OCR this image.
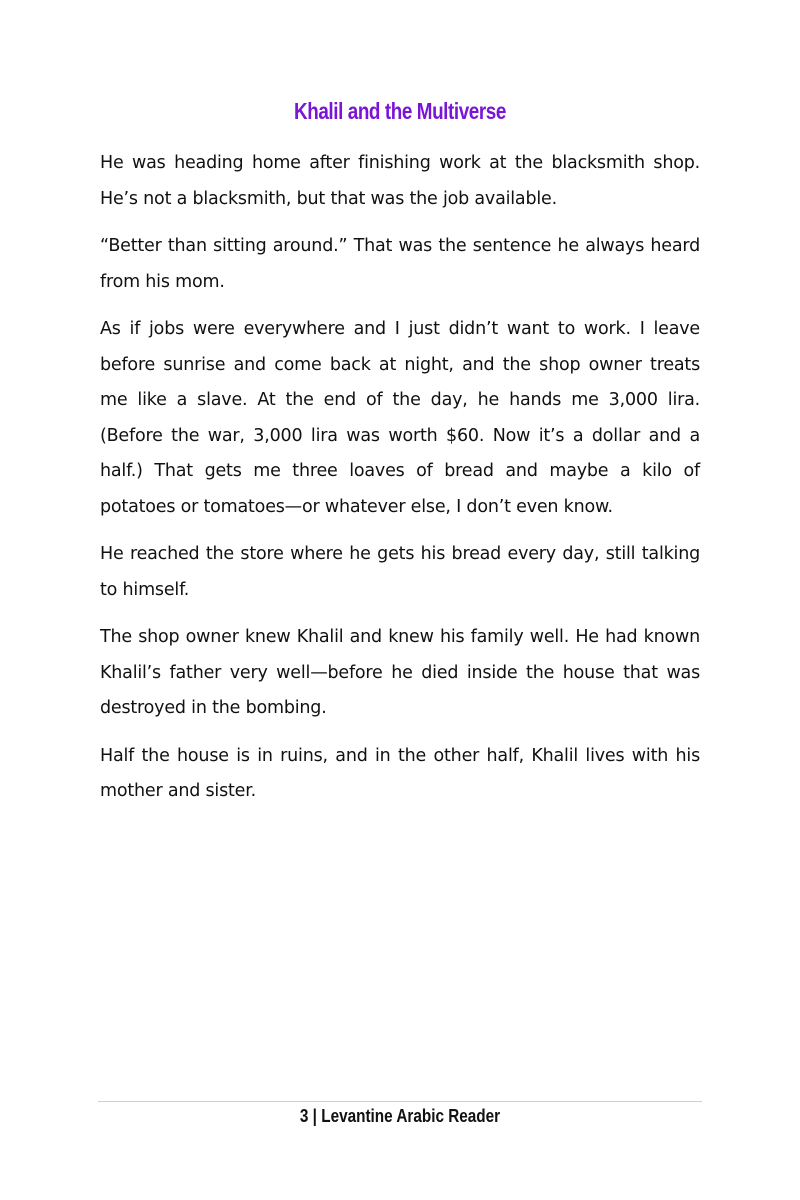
Khalil and the Multiverse

He was heading home after finishing work at the blacksmith shop. He’s not a blacksmith, but that was the job available.

“Better than sitting around.” That was the sentence he always heard from his mom.

As if jobs were everywhere and I just didn’t want to work. I leave before sunrise and come back at night, and the shop owner treats me like a slave. At the end of the day, he hands me 3,000 lira. (Before the war, 3,000 lira was worth $60. Now it’s a dollar and a half.) That gets me three loaves of bread and maybe a kilo of potatoes or tomatoes—or whatever else, I don’t even know.

He reached the store where he gets his bread every day, still talking to himself.

The shop owner knew Khalil and knew his family well. He had known Khalil’s father very well—before he died inside the house that was destroyed in the bombing.

Half the house is in ruins, and in the other half, Khalil lives with his mother and sister.

3 | Levantine Arabic Reader
